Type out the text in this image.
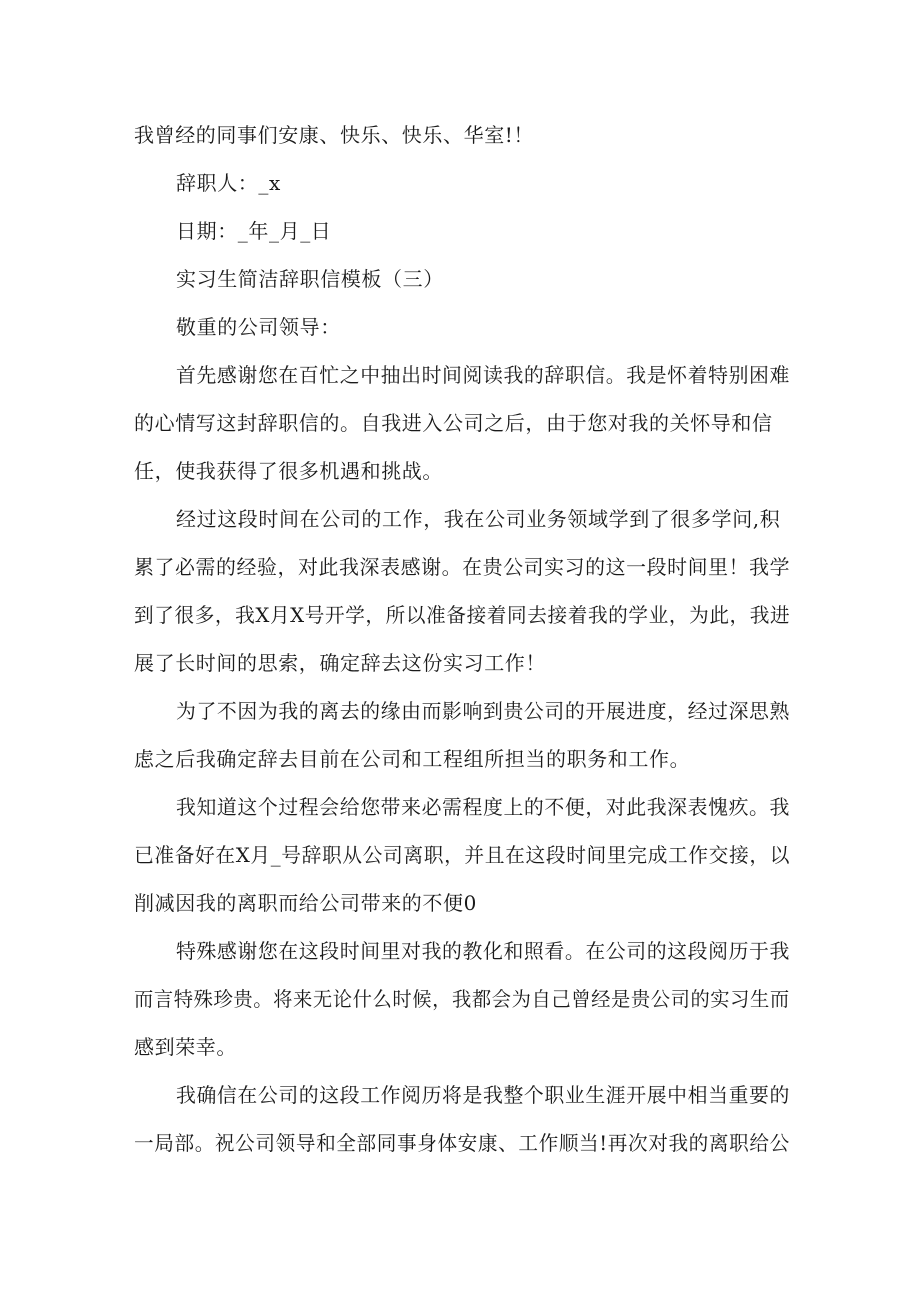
我曾经的同事们安康、快乐、快乐、华室!！
辞职人：_x
日期：_年_月_日
实习生简洁辞职信模板（三）
敬重的公司领导：
首先感谢您在百忙之中抽出时间阅读我的辞职信。我是怀着特别困难
的心情写这封辞职信的。自我进入公司之后，由于您对我的关怀导和信
任，使我获得了很多机遇和挑战。
经过这段时间在公司的工作，我在公司业务领域学到了很多学问,积
累了必需的经验，对此我深表感谢。在贵公司实习的这一段时间里！我学
到了很多，我X月X号开学，所以准备接着同去接着我的学业，为此，我进
展了长时间的思索，确定辞去这份实习工作！
为了不因为我的离去的缘由而影响到贵公司的开展进度，经过深思熟
虑之后我确定辞去目前在公司和工程组所担当的职务和工作。
我知道这个过程会给您带来必需程度上的不便，对此我深表愧疚。我
已准备好在X月_号辞职从公司离职，并且在这段时间里完成工作交接，以
削减因我的离职而给公司带来的不便0
特殊感谢您在这段时间里对我的教化和照看。在公司的这段阅历于我
而言特殊珍贵。将来无论什么时候，我都会为自己曾经是贵公司的实习生而
感到荣幸。
我确信在公司的这段工作阅历将是我整个职业生涯开展中相当重要的
一局部。祝公司领导和全部同事身体安康、工作顺当!再次对我的离职给公
